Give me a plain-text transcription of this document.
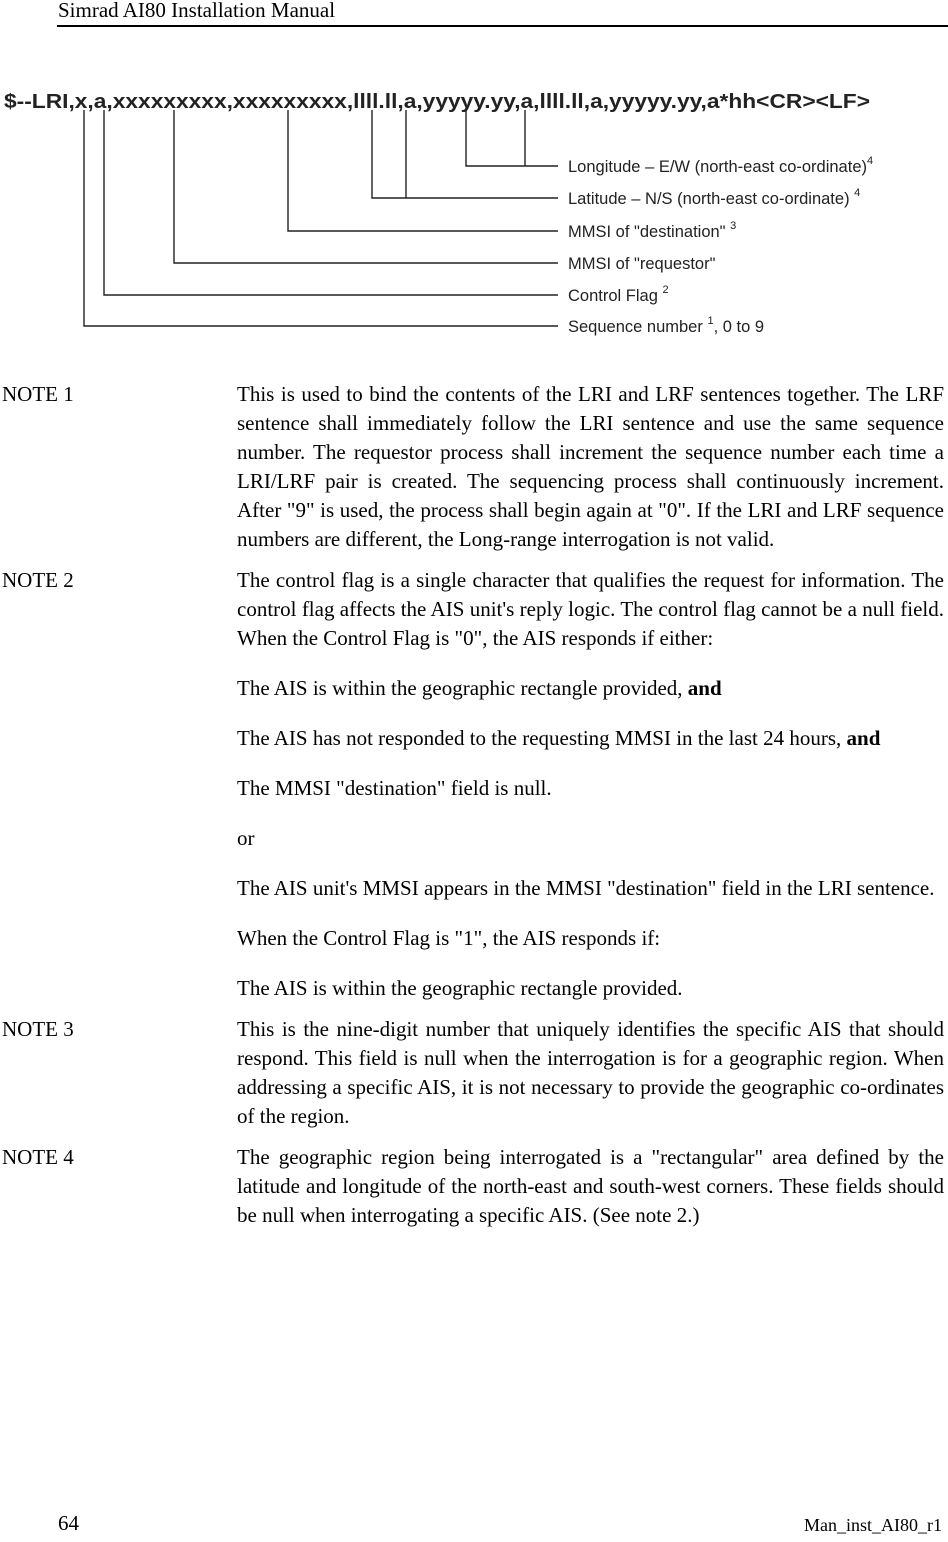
Simrad AI80 Installation Manual
$--LRI,x,a,xxxxxxxxx,xxxxxxxxx,llll.ll,a,yyyyy.yy,a,llll.ll,a,yyyyy.yy,a*hh<CR><LF>
Longitude – E/W (north-east co-ordinate)$^4$
Latitude – N/S (north-east co-ordinate) $^4$
MMSI of "destination" $^3$
MMSI of "requestor"
Control Flag $^2$
Sequence number $^1$, 0 to 9
NOTE 1	This is used to bind the contents of the LRI and LRF sentences together. The LRF sentence shall immediately follow the LRI sentence and use the same sequence number. The requestor process shall increment the sequence number each time a LRI/LRF pair is created. The sequencing process shall continuously increment. After "9" is used, the process shall begin again at "0". If the LRI and LRF sequence numbers are different, the Long-range interrogation is not valid.

NOTE 2	The control flag is a single character that qualifies the request for information. The control flag affects the AIS unit's reply logic. The control flag cannot be a null field. When the Control Flag is "0", the AIS responds if either:

The AIS is within the geographic rectangle provided, and

The AIS has not responded to the requesting MMSI in the last 24 hours, and

The MMSI "destination" field is null.

or

The AIS unit's MMSI appears in the MMSI "destination" field in the LRI sentence.

When the Control Flag is "1", the AIS responds if:

The AIS is within the geographic rectangle provided.

NOTE 3	This is the nine-digit number that uniquely identifies the specific AIS that should respond. This field is null when the interrogation is for a geographic region. When addressing a specific AIS, it is not necessary to provide the geographic co-ordinates of the region.

NOTE 4	The geographic region being interrogated is a "rectangular" area defined by the latitude and longitude of the north-east and south-west corners. These fields should be null when interrogating a specific AIS. (See note 2.)

64	Man_inst_AI80_r1
